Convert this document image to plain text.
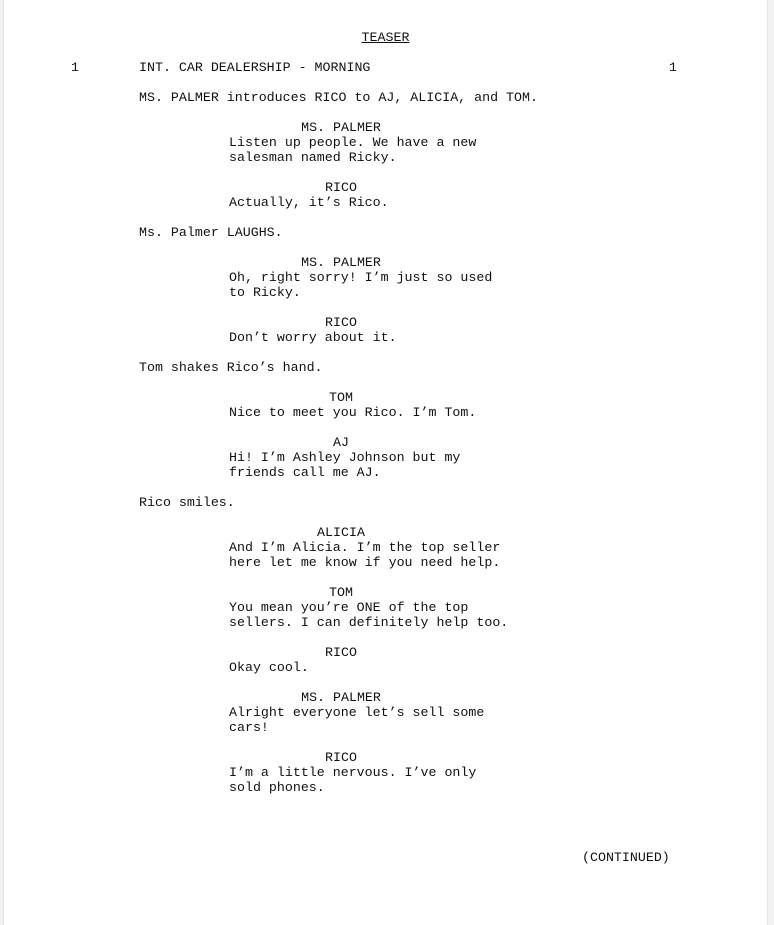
TEASER
1	INT. CAR DEALERSHIP - MORNING	1
MS. PALMER introduces RICO to AJ, ALICIA, and TOM.
MS. PALMER
Listen up people. We have a new
salesman named Ricky.
RICO
Actually, it’s Rico.
Ms. Palmer LAUGHS.
MS. PALMER
Oh, right sorry! I’m just so used
to Ricky.
RICO
Don’t worry about it.
Tom shakes Rico’s hand.
TOM
Nice to meet you Rico. I’m Tom.
AJ
Hi! I’m Ashley Johnson but my
friends call me AJ.
Rico smiles.
ALICIA
And I’m Alicia. I’m the top seller
here let me know if you need help.
TOM
You mean you’re ONE of the top
sellers. I can definitely help too.
RICO
Okay cool.
MS. PALMER
Alright everyone let’s sell some
cars!
RICO
I’m a little nervous. I’ve only
sold phones.
(CONTINUED)
